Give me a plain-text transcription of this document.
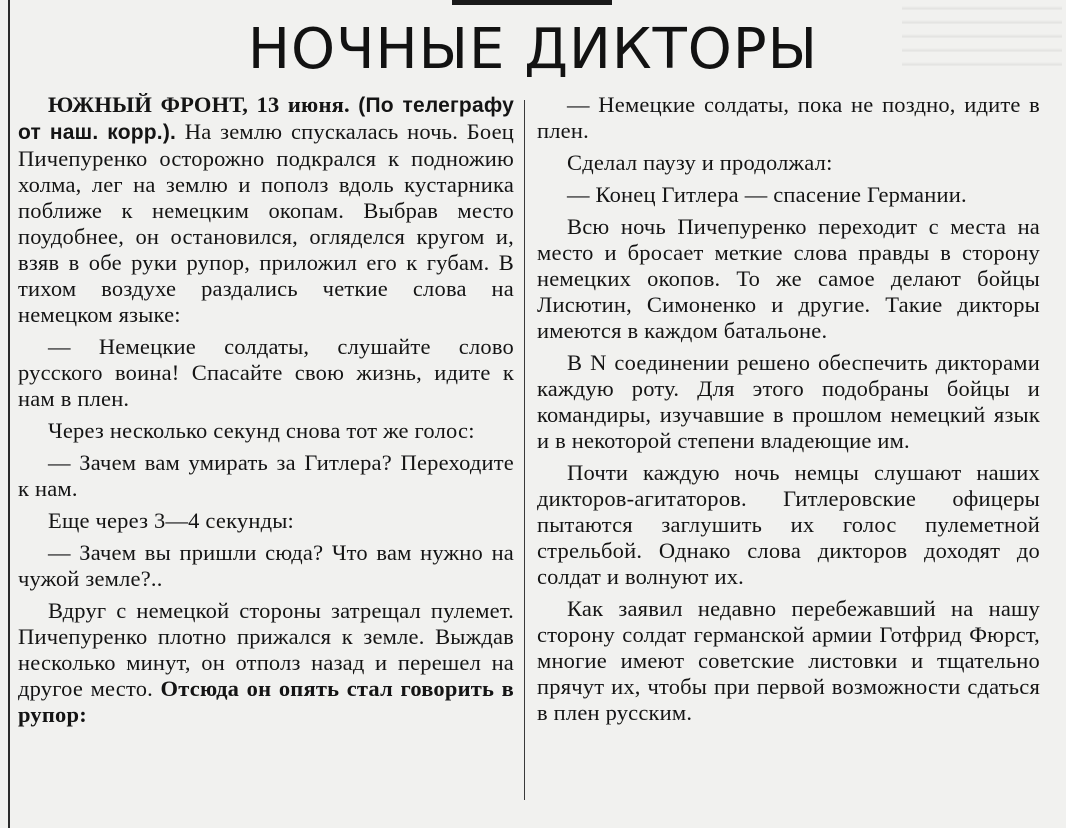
НОЧНЫЕ ДИКТОРЫ

ЮЖНЫЙ ФРОНТ, 13 июня. (По телеграфу от наш. корр.). На землю спускалась ночь. Боец Пичепуренко осторожно подкрался к подножию холма, лег на землю и пополз вдоль кустарника поближе к немецким окопам. Выбрав место поудобнее, он остановился, огляделся кругом и, взяв в обе руки рупор, приложил его к губам. В тихом воздухе раздались четкие слова на немецком языке:

— Немецкие солдаты, слушайте слово русского воина! Спасайте свою жизнь, идите к нам в плен.

Через несколько секунд снова тот же голос:

— Зачем вам умирать за Гитлера? Переходите к нам.

Еще через 3—4 секунды:

— Зачем вы пришли сюда? Что вам нужно на чужой земле?..

Вдруг с немецкой стороны затрещал пулемет. Пичепуренко плотно прижался к земле. Выждав несколько минут, он отполз назад и перешел на другое место. Отсюда он опять стал говорить в рупор:

— Немецкие солдаты, пока не поздно, идите в плен.

Сделал паузу и продолжал:

— Конец Гитлера — спасение Германии.

Всю ночь Пичепуренко переходит с места на место и бросает меткие слова правды в сторону немецких окопов. То же самое делают бойцы Лисютин, Симоненко и другие. Такие дикторы имеются в каждом батальоне.

В N соединении решено обеспечить дикторами каждую роту. Для этого подобраны бойцы и командиры, изучавшие в прошлом немецкий язык и в некоторой степени владеющие им.

Почти каждую ночь немцы слушают наших дикторов-агитаторов. Гитлеровские офицеры пытаются заглушить их голос пулеметной стрельбой. Однако слова дикторов доходят до солдат и волнуют их.

Как заявил недавно перебежавший на нашу сторону солдат германской армии Готфрид Фюрст, многие имеют советские листовки и тщательно прячут их, чтобы при первой возможности сдаться в плен русским.
